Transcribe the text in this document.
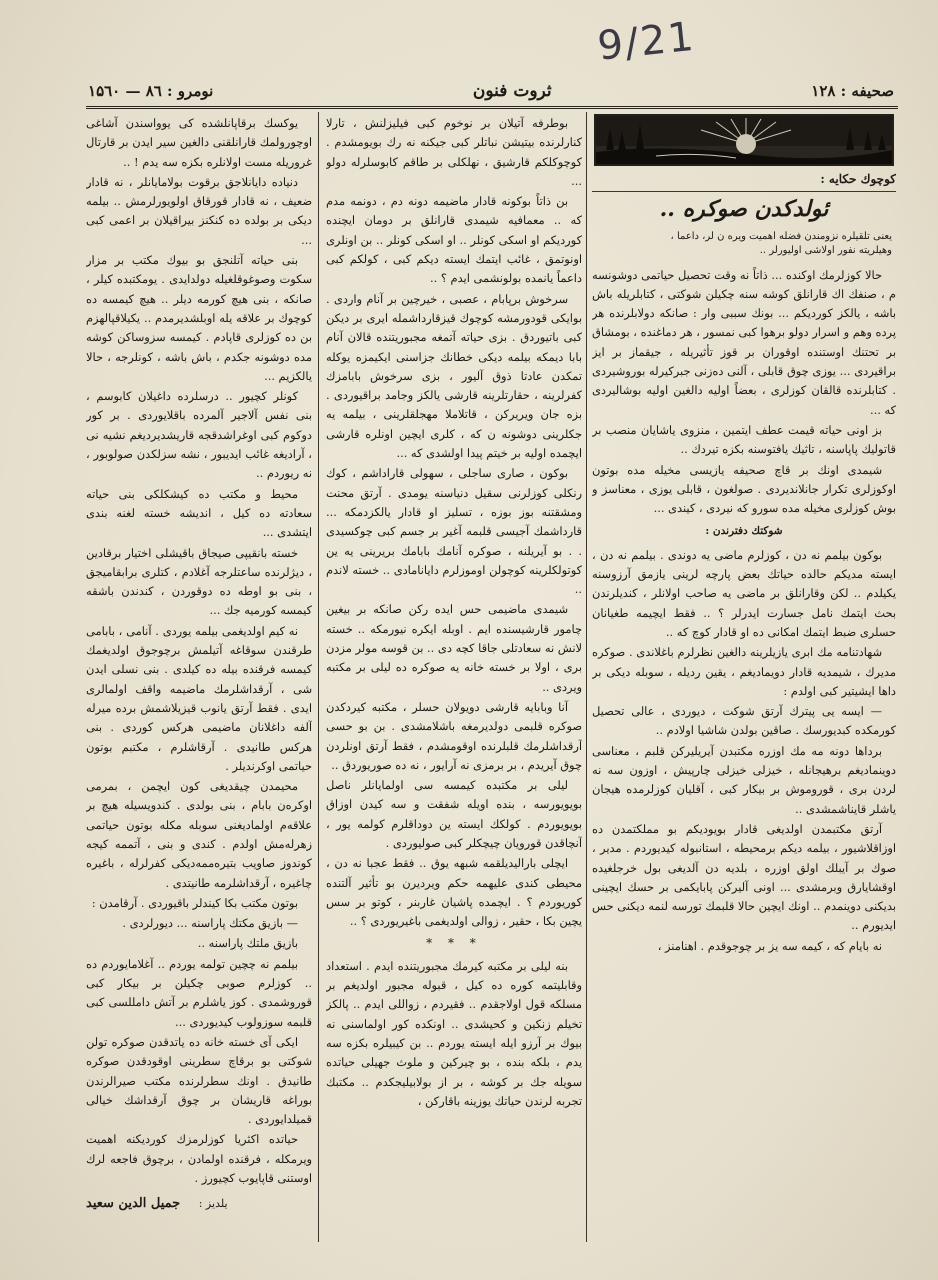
9/21
صحیفه : ۱۲۸
ثروت فنون
نومرو : ۸٦ — ۱۵٦۰
کوچوك حکایه :
ئولدکدن صوکره ..
یعنی تلقیلره نزومندن فضله اهمیت ویره ن لر، داعما ، وهیلریته نفور اولاشی اولیورلر ..

حالا کوزلرمك اوکنده ... ذاتاً نه وقت تحصیل حیاتمی دوشونسه م ، صنفك اك قارانلق کوشه سنه چکیلن شوکتی ، کتابلریله باش باشه ، یالکز کوردیکم ... بونك سببی وار : صانکه دولابلرنده هر پرده وهم و اسرار دولو برهوا کبی نمسور ، هر دماغنده ، بومشاق بر تحتنك اوستنده اوقوران بر قوز تأثیریله ، جیقماز بر ایز براقیردی ... یوزی چوق قابلی ، آلنی دەزنی جبرکیرله بوروشیردی . کتابلرنده قالقان کوزلری ، بعضاً اولیه دالغین اولیه بوشالیردی که ...

بز اونی حیاته قیمت عطف ایتمین ، منزوی یاشایان منصب بر قاتولیك پاپاسنه ، تاثیك یافتوسنه بکزه تیردك ..

شیمدی اونك بر قاچ صحیفه یازیسی مخیله مده بوتون اوکوزلری تکرار جانلاندیردی . صولغون ، قابلی یوزی ، معناسز و بوش کوزلری مخیله مده سورو که نیردی ، کیندی ...

شوکتك دفترندن :

بوکون بیلمم نه دن ، کوزلرم ماضی یه دوندی . بیلمم نه دن ، ایسته مدیکم حالده حیاتك بعض پارچه لرینی یازمق آرزوسنه یکیلدم .. لکن وقارانلق بر ماضی یه صاحب اولانلر ، کندیلرندن بحث ایتمك نامل جسارت ایدرلر ؟ .. فقط ایچیمه طغیانان حسلری ضبط ایتمك امکانی ده او قادار کوچ که ..

شهادتنامه مك ابری یازیلرینه دالغین نظرلرم باغلاندی . صوکره مدیرك ، شیمدیه قادار دویمادیغم ، یقین ردیله ، سوبله دیکی بر داها ایشیتیر کبی اولدم :

— ایسه یی پیترك آرتق شوکت ، دیوردی ، عالی تحصیل کورمکده کبدیورسك . صاقین بولدن شاشیا اولادم ..

برداها دونه مه مك اوزره مکتبدن آیریلیرکن قلبم ، معناسی دوینمادیغم برهیجانله ، خیزلی خیزلی چارپیش ، اوزون سه نه لردن بری ، قوروموش بر بیکار کبی ، آقلیان کوزلرمده هیجان یاشلر قایناشمشدی ..

آرتق مکتبمدن اولدیغی قادار بویودیکم بو مملکتمدن ده اوزاقلاشیور ، بیلمه دیکم برمحیطه ، استانبوله کیدیوردم . مدیر ، صوك بر آیبلك اولق اوزره ، بلدیه دن آلدیغی بول خرجلغیده اوقشایارق وبرمشدی ... اونی آلیرکن پابایکمی بر حسك ایچینی بدیکنی دوینمدم .. اونك ایچین حالا قلبمك تورسه لنمه دیکنی حس ایدیورم ..

نه بایام که ، کیمه سه یز بر چوجوقدم . اهنامنز ،

بوطرفه آتیلان بر نوخوم کبی فیلیزلنش ، تارلا کنارلرنده بیتیشن نباتلر کبی جیکنه نه رك بویومشدم . کوچوکلکم قارشیق ، نهلکلی بر طاقم کابوسلرله دولو ...

بن ذاتاً بوکونه قادار ماضیمه دونه دم ، دونمه مدم که .. معمافیه شیمدی قارانلق بر دومان ایچنده کوردیکم او اسکی کونلر .. او اسکی کونلر .. بن اونلری اونوتمق ، غائب ایتمك ایسته دیکم کبی ، کولکم کبی داعماً یانمده بولونشمی ایدم ؟ ..

سرخوش برپابام ، عصبی ، خیرچین بر آنام واردی . بوایکی قودورمشه کوچوك قیزقارداشمله ایری بر دیکن کبی باتیوردق . بزی حیاته آتمغه مجبوریتنده قالان آنام بابا دیمکه بیلمه دیکی خطانك جزاسنی ایکیمزه یوکله تمکدن عادتا ذوق آلیور ، بزی سرخوش بابامزك کفرلرینه ، حقارتلرینه قارشی یالکز وجامد براقیوردی . بزه جان ویریرکن ، قاتلاملا مهجلقلرینی ، بیلمه یه جکلرینی دوشونه ن که ، کلری ایچین اونلره قارشی ایچمده اولیه بر خیتم پیدا اولشدی که ...

بوکون ، صاری ساجلی ، سهولی قاراداشم ، کوك رنکلی کوزلرنی سقیل دنیاسنه یومدی . آرتق محنت ومشقتنه بوز بوزه ، تسلیز او قادار یالکزدمکه ... قارداشمك آجیسی قلبمه آغیر بر جسم کبی چوکسیدی . . بو آیریلنه ، صوکره آنامك بابامك بریرینی یه ین کوتولکلرینه کوچولن اوموزلرم دایانامادی .. خسته لاندم ..

شیمدی ماضیمی حس ایده رکن صانکه بر بیغین چامور قارشیسنده ایم . اوبله ایکره نیورمکه .. خسته لانش نه سعادتلی جاقا کچه دی .. بن قوسه مولر مزدن بری ، اولا بر خسته خانه یه صوکره ده لیلی بر مکتبه ویردی ..

آنا وبابایه قارشی دویولان حسلر ، مکتبه کیردکدن صوکره قلبمی دولدیرمغه باشلامشدی . بن بو حسی آرقداشلرمك قلبلرنده اوقومشدم ، فقط آرتق اونلردن چوق آیریدم ، بر برمزی نه آرایور ، نه ده صوریوردق ..

لیلی بر مکتبده کیمسه سی اولمایانلر ناصل بویویورسه ، بنده اویله شفقت و سه کیدن اوزاق بویویوردم . کولکك ایسته ین دوداقلرم کولمه یور ، آنچاقدن قورویان چیچکلر کبی صولیوردی .

ایچلی بارالیدیلقمه شبهه یوق .. فقط عجبا نه دن ، محیطی کندی علیهمه حکم ویردیرن بو تأثیر آلتنده کوریوردم ؟ . ایچمده پاشیان غاربنر ، کوتو بر سس یچین بکا ، حقیر ، زوالی اولدیغمی باغیریوردی ؟ ..

* * *

بنه لیلی بر مکتبه کیرمك مجبوریتنده ایدم . استعداد وقابلیتمه کوره ده کیل ، قبوله مجبور اولدیغم بر مسلکه قول اولاجقدم .. فقیردم ، زواللی ایدم .. پالکز تخیلم زنکین و کحیشدی .. اونکده کور اولماسنی نه بیوك بر آرزو ایله ایسته یوردم .. بن کیبیلره بکزه سه یدم ، بلکه بنده ، بو چیرکین و ملوث جهیلی حیاتده سویله جك بر کوشه ، بر از بولابیلیجکدم .. مکتبك تجربه لرندن حیاتك یوزینه باقارکن ،

یوکسك برقاپانلشده کی یوواسندن آشاغی اوچورولمك قارانلقنی دالغین سیر ایدن بر قارتال غروریله مست اولانلره بکزه سه یدم ! ..

دنیاده دایانلاجق برقوت بولامایانلر ، نه قادار ضعیف ، نه قادار قورقاق اولویورلرمش .. بیلمه دیکی بر بولده ده کنکنز بیراقیلان بر اعمی کبی ...

بنی حیاته آتلنجق بو بیوك مکتب بر مزار سکوت وصوغوقلغیله دولدایدی . یومکتبده کیلر ، صانکه ، بنی هیچ کورمه دیلر .. هیچ کیمسه ده کوچوك بر علاقه یله اوبلشدیرمدم .. یکیلاقپالهزم بن ده کوزلری قاپادم . کیمسه سزوساکن کوشه مده دوشونه جکدم ، باش باشه ، کونلرجه ، حالا یالکزیم ...

کونلر کچیور .. درسلرده داغیلان کابوسم ، بنی نفس آلاجیر آلمرده باقلایوردی . بر کور دوکوم کبی اوغراشدقجه قاریشدیردیغم نشیه نی ، آرادیغه غائب ایدیبور ، نشه سزلکدن صولوبور ، نه ریوردم ..

محیط و مکتب ده کیشکلکی بنی حیاته سعادته ده کیل ، اندیشه خسته لغنه بندی ایتشدی ...

خسته بانقیپی صیجاق باقیشلی اختیار برقادین ، دیژلرنده ساعتلرجه آغلادم ، کتلری برابقامیجق ، بنی بو اوطه ده دوقوردن ، کندندن باشقه کیمسه کورمیه جك ...

نه کیم اولدیغمی بیلمه یوردی . آنامی ، بابامی طرقندن سوقاغه آتیلمش برچوجوق اولدیغمك کیمسه فرقنده بیله ده کیلدی . بنی نسلی ایدن شی ، آرقداشلرمك ماضیمه واقف اولمالری ایدی . فقط آرتق یانوب قیزیلاشمش برده میرله آلفه داغلانان ماضیمی هرکس کوردی . بنی هرکس طانیدی . آرقاشلرم ، مکتبم بوتون حیاتمی اوکرندیلر .

محیمدن چیقدیغی کون ایچمن ، بمرمی اوکرەن بابام ، بنی بولدی . کندویسیله هیچ بر علاقەم اولمادیغنی سوبله مکله بوتون حیاتمی زهرلەمش اولدم . کندی و بنی ، آتممه کیجه کوندوز صاویب بتیرەممەدیکی کفرلرله ، باغیره چاغیره ، آرقداشلرمه طانیتدی .

بوتون مکتب بكا کیندلر باقیوردی . آرقامدن :

— بازیق مکتك پاراسنه ... دیورلردی .

بازیق ملتك پاراسنه ..

بیلمم نه چچین تولمه یوردم .. آغلامایوردم ده .. کوزلرم صوبی چکیلن بر بیکار کبی قوروشمدی . کوز یاشلرم بر آتش دامللسی کبی قلبمه سوزولوب کیدیوردی ...

ایکی آی خسته خانه ده یاتدقدن صوکره تولن شوکتی بو برقاچ سطرینی اوقودقدن صوکره طانیدق . اونك سطرلرنده مکتب صیرالرندن بوراغه قاریشان بر چوق آرقداشك خیالی قمیلدایوردی .

حیاتده اکثریا کوزلرمزك کوردیکنه اهمیت ویرمکله ، فرقنده اولمادن ، برچوق فاجعه لرك اوستنی قاپایوب کچیورز .

یلدیز : جمیل الدین سعید
